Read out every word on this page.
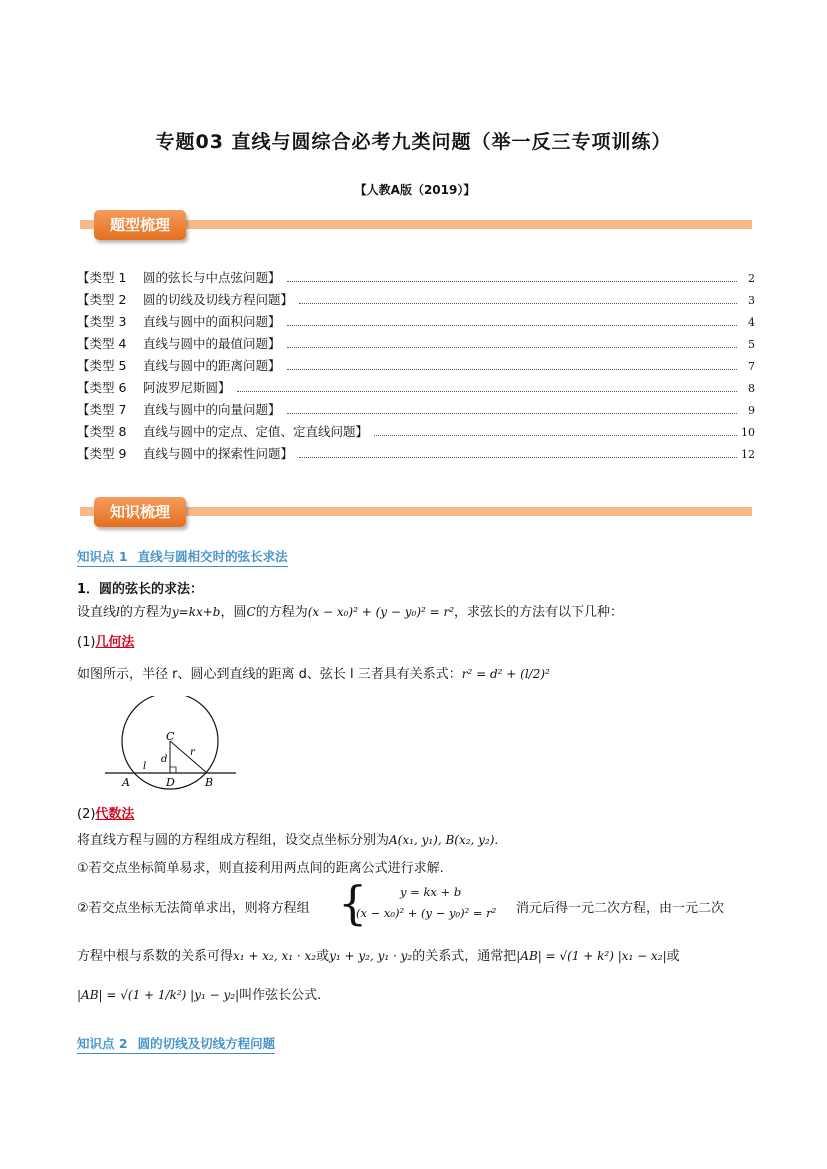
专题03 直线与圆综合必考九类问题（举一反三专项训练）
【人教A版（2019）】
题型梳理
【类型 1 圆的弦长与中点弦问题】	2
【类型 2 圆的切线及切线方程问题】	3
【类型 3 直线与圆中的面积问题】	4
【类型 4 直线与圆中的最值问题】	5
【类型 5 直线与圆中的距离问题】	7
【类型 6 阿波罗尼斯圆】	8
【类型 7 直线与圆中的向量问题】	9
【类型 8 直线与圆中的定点、定值、定直线问题】	10
【类型 9 直线与圆中的探索性问题】	12
知识梳理
知识点 1 直线与圆相交时的弦长求法
1．圆的弦长的求法：
设直线l的方程为y=kx+b，圆C的方程为(x − x₀)² + (y − y₀)² = r²，求弦长的方法有以下几种：
(1)几何法
如图所示，半径 r、圆心到直线的距离 d、弦长 l 三者具有关系式：r² = d² + (l/2)²
C
d
r
l
A	D	B
(2)代数法
将直线方程与圆的方程组成方程组，设交点坐标分别为A(x₁, y₁), B(x₂, y₂).
①若交点坐标简单易求，则直接利用两点间的距离公式进行求解.
②若交点坐标无法简单求出，则将方程组 {	y = kx + b
(x − x₀)² + (y − y₀)² = r² 消元后得一元二次方程，由一元二次
方程中根与系数的关系可得x₁ + x₂, x₁ · x₂或y₁ + y₂, y₁ · y₂的关系式，通常把|AB| = √(1 + k²) |x₁ − x₂|或
|AB| = √(1 + 1/k²) |y₁ − y₂|叫作弦长公式.
知识点 2 圆的切线及切线方程问题
